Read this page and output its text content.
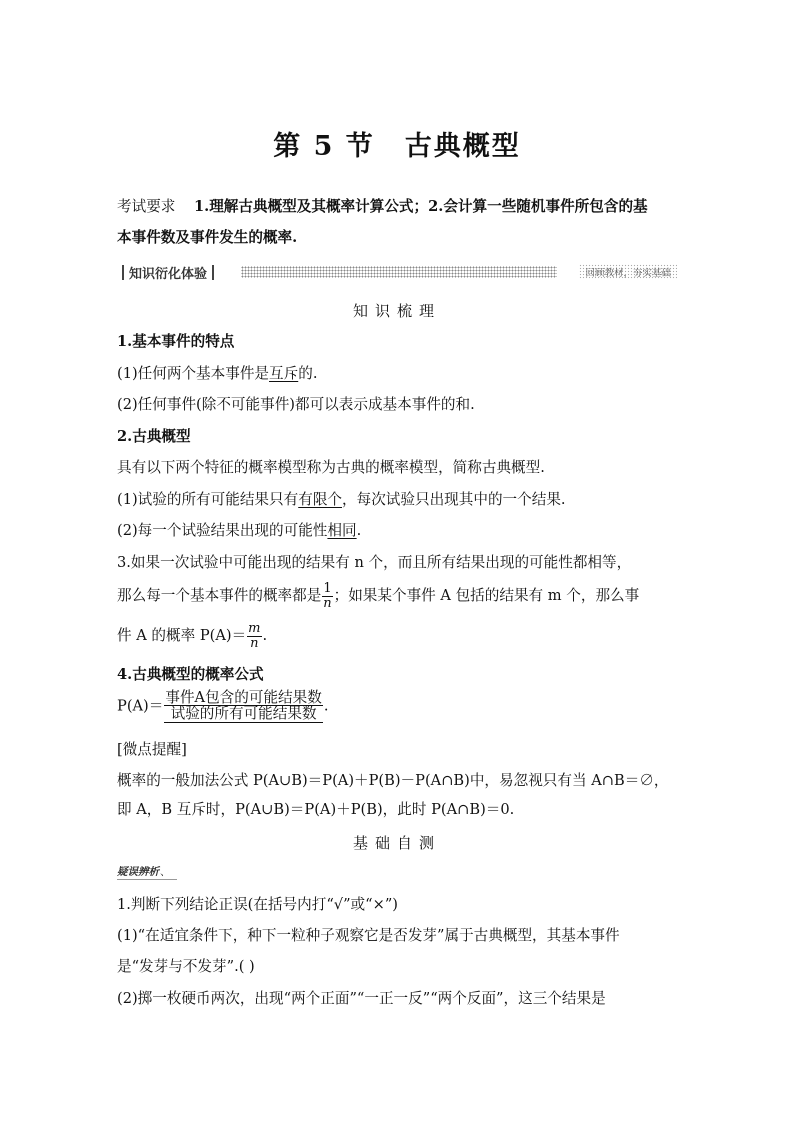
第 5 节 古典概型
考试要求 1.理解古典概型及其概率计算公式；2.会计算一些随机事件所包含的基
本事件数及事件发生的概率.
知识衍化体验	回顾教材，夯实基础
知识梳理
1.基本事件的特点
(1)任何两个基本事件是互斥的.
(2)任何事件(除不可能事件)都可以表示成基本事件的和.
2.古典概型
具有以下两个特征的概率模型称为古典的概率模型，简称古典概型.
(1)试验的所有可能结果只有有限个，每次试验只出现其中的一个结果.
(2)每一个试验结果出现的可能性相同.
3.如果一次试验中可能出现的结果有 n 个，而且所有结果出现的可能性都相等，
那么每一个基本事件的概率都是 $\frac{1}{n}$ ；如果某个事件 A 包括的结果有 m 个，那么事
件 A 的概率 $P(A)= \frac{m}{n}$ .
4.古典概型的概率公式
$P(A)= \frac{\text{事件A包含的可能结果数}}{\text{试验的所有可能结果数}}$ .
[微点提醒]
概率的一般加法公式 P(A∪B)＝P(A)＋P(B)－P(A∩B)中，易忽视只有当 A∩B＝∅，
即 A，B 互斥时，P(A∪B)＝P(A)＋P(B)，此时 P(A∩B)＝0.
基础自测
疑误辨析、
1.判断下列结论正误(在括号内打“√”或“×”)
(1)“在适宜条件下，种下一粒种子观察它是否发芽”属于古典概型，其基本事件
是“发芽与不发芽”.( )
(2)掷一枚硬币两次，出现“两个正面”“一正一反”“两个反面”，这三个结果是
